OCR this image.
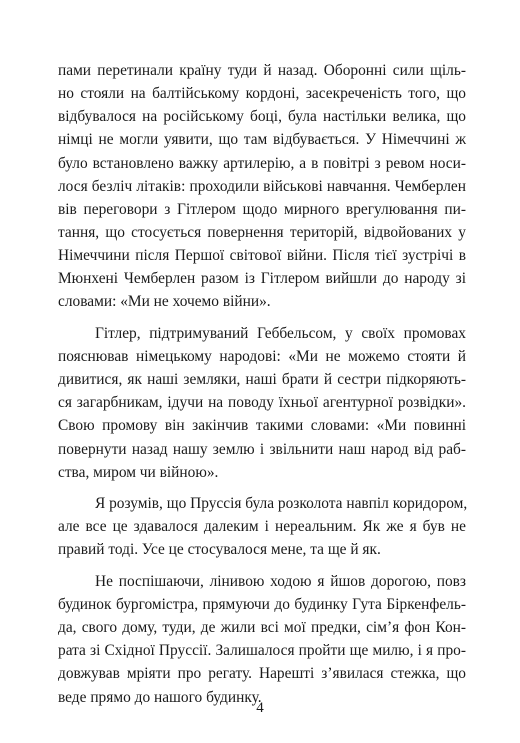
пами перетинали країну туди й назад. Оборонні сили щіль-
но стояли на балтійському кордоні, засекреченість того, що
відбувалося на російському боці, була настільки велика, що
німці не могли уявити, що там відбувається. У Німеччині ж
було встановлено важку артилерію, а в повітрі з ревом носи-
лося безліч літаків: проходили військові навчання. Чемберлен
вів переговори з Гітлером щодо мирного врегулювання пи-
тання, що стосується повернення територій, відвойованих у
Німеччини після Першої світової війни. Після тієї зустрічі в
Мюнхені Чемберлен разом із Гітлером вийшли до народу зі
словами: «Ми не хочемо війни».
Гітлер, підтримуваний Геббельсом, у своїх промовах
пояснював німецькому народові: «Ми не можемо стояти й
дивитися, як наші земляки, наші брати й сестри підкоряють-
ся загарбникам, ідучи на поводу їхньої агентурної розвідки».
Свою промову він закінчив такими словами: «Ми повинні
повернути назад нашу землю і звільнити наш народ від раб-
ства, миром чи війною».
Я розумів, що Пруссія була розколота навпіл коридором,
але все це здавалося далеким і нереальним. Як же я був не
правий тоді. Усе це стосувалося мене, та ще й як.
Не поспішаючи, лінивою ходою я йшов дорогою, повз
будинок бургомістра, прямуючи до будинку Гута Біркенфель-
да, свого дому, туди, де жили всі мої предки, сім’я фон Кон-
рата зі Східної Пруссії. Залишалося пройти ще милю, і я про-
довжував мріяти про регату. Нарешті з’явилася стежка, що
веде прямо до нашого будинку.
4
